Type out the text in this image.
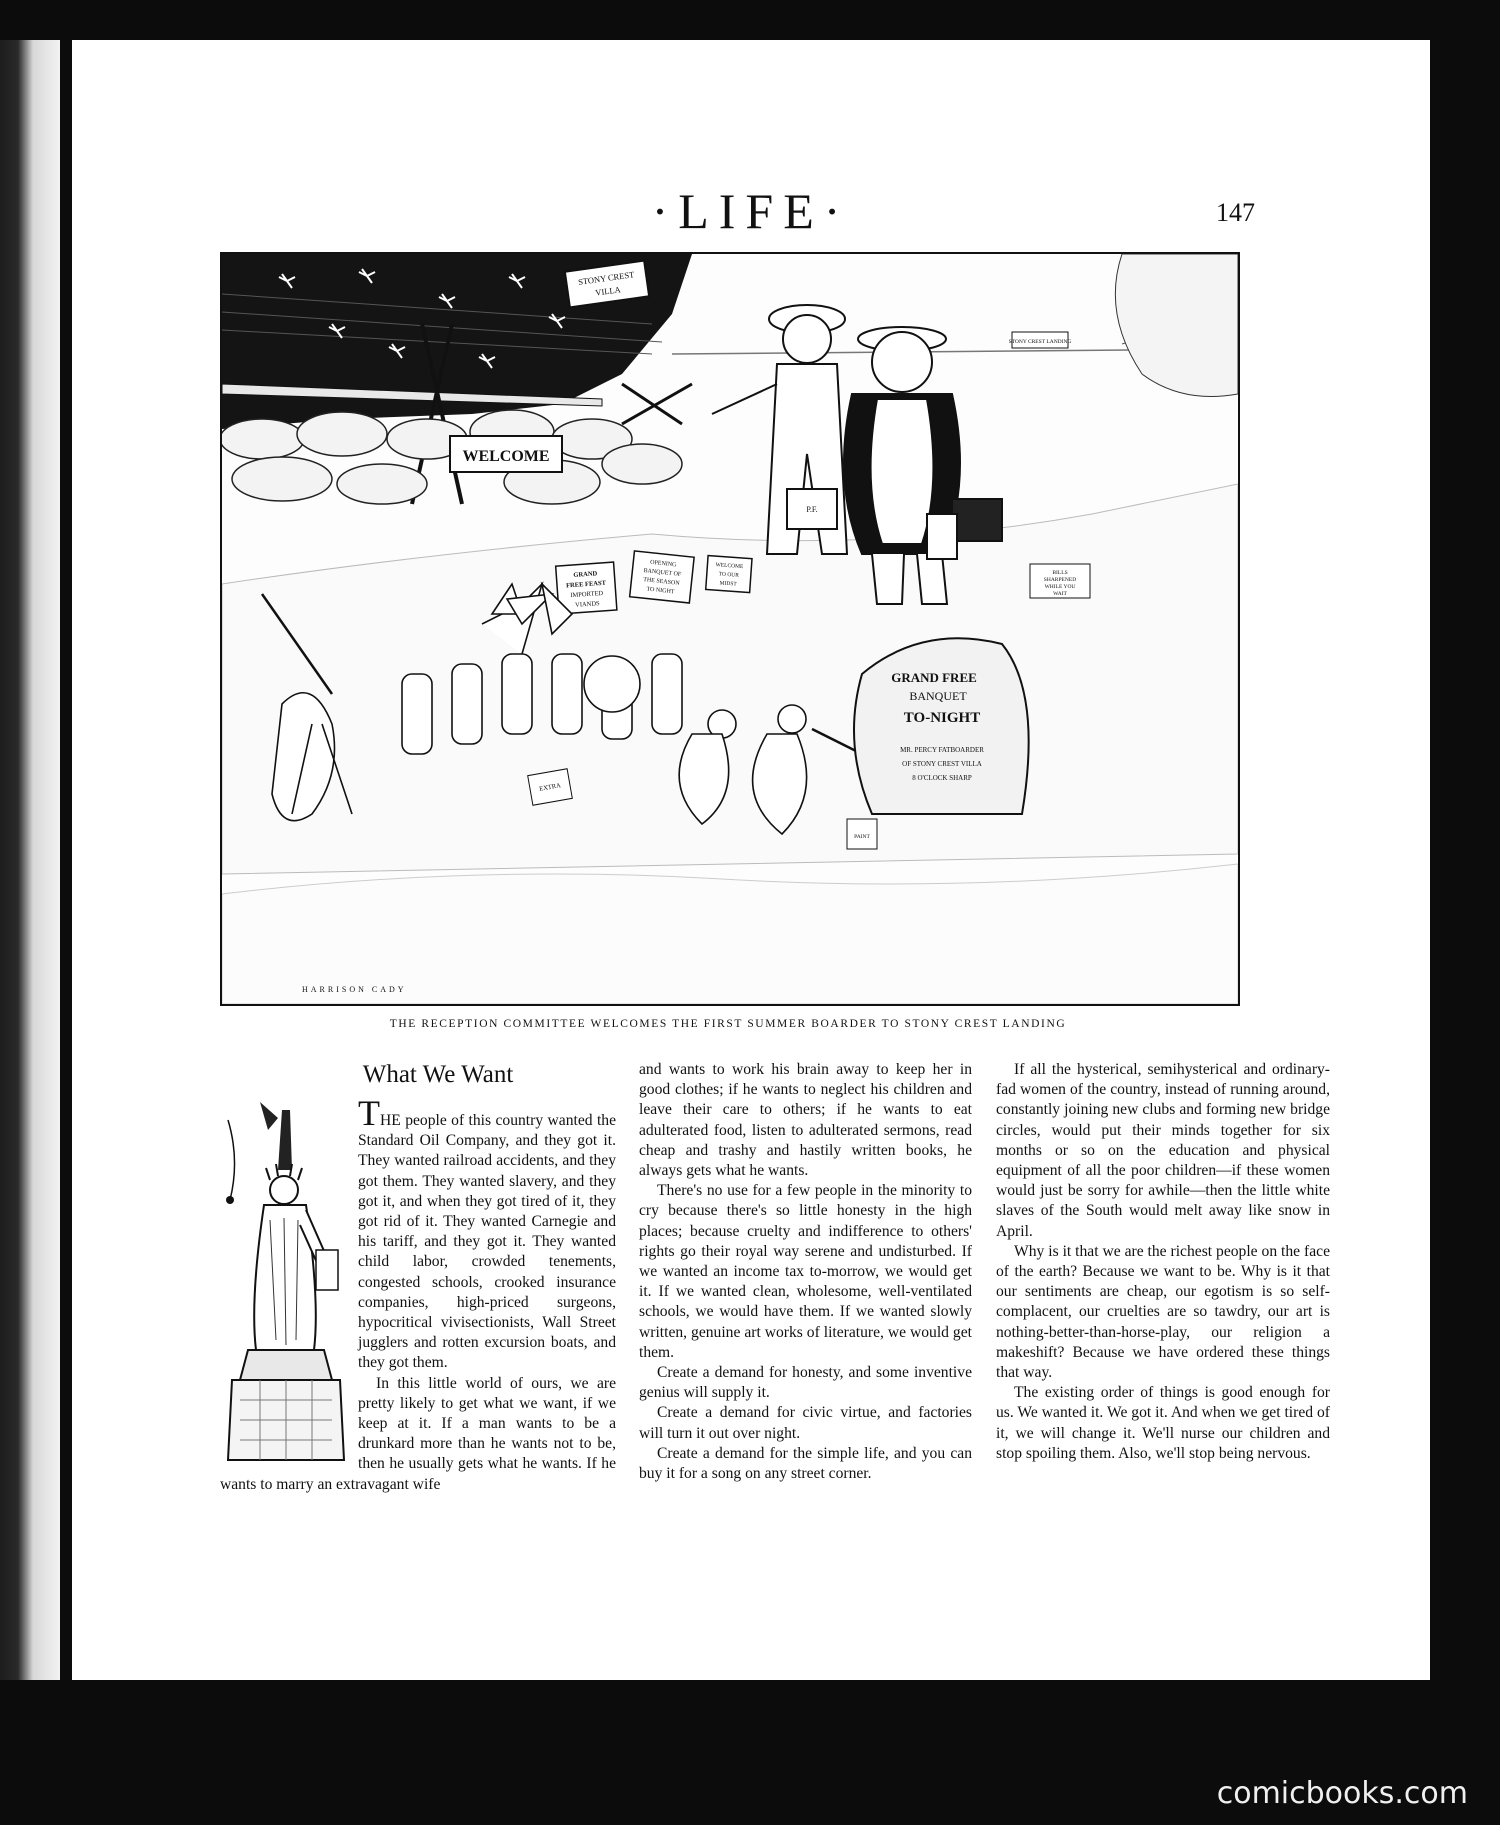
·LIFE·	147
WELCOME
STONY CREST
VILLA
STONY CREST LANDING
P.F.
BILLS
SHARPENED
WHILE YOU
WAIT
GRAND
FREE FEAST
IMPORTED
VIANDS
OPENING
BANQUET OF
THE SEASON
TO NIGHT
WELCOME
TO OUR
MIDST
EXTRA
PAINT
GRAND FREE
BANQUET
TO-NIGHT
MR. PERCY FATBOARDER
OF STONY CREST VILLA
8 O'CLOCK SHARP
HARRISON CADY
THE RECEPTION COMMITTEE WELCOMES THE FIRST SUMMER BOARDER TO STONY CREST LANDING
What We Want

THE people of this country wanted the Standard Oil Company, and they got it. They wanted railroad accidents, and they got them. They wanted slavery, and they got it, and when they got tired of it, they got rid of it. They wanted Carnegie and his tariff, and they got it. They wanted child labor, crowded tenements, congested schools, crooked insurance companies, high-priced surgeons, hypocritical vivisectionists, Wall Street jugglers and rotten excursion boats, and they got them.

In this little world of ours, we are pretty likely to get what we want, if we keep at it. If a man wants to be a drunkard more than he wants not to be, then he usually gets what he wants. If he wants to marry an extravagant wife

and wants to work his brain away to keep her in good clothes; if he wants to neglect his children and leave their care to others; if he wants to eat adulterated food, listen to adulterated sermons, read cheap and trashy and hastily written books, he always gets what he wants.

There's no use for a few people in the minority to cry because there's so little honesty in the high places; because cruelty and indifference to others' rights go their royal way serene and undisturbed. If we wanted an income tax to-morrow, we would get it. If we wanted clean, wholesome, well-ventilated schools, we would have them. If we wanted slowly written, genuine art works of literature, we would get them.

Create a demand for honesty, and some inventive genius will supply it.

Create a demand for civic virtue, and factories will turn it out over night.

Create a demand for the simple life, and you can buy it for a song on any street corner.

If all the hysterical, semihysterical and ordinary-fad women of the country, instead of running around, constantly joining new clubs and forming new bridge circles, would put their minds together for six months or so on the education and physical equipment of all the poor children—if these women would just be sorry for awhile—then the little white slaves of the South would melt away like snow in April.

Why is it that we are the richest people on the face of the earth? Because we want to be. Why is it that our sentiments are cheap, our egotism is so self-complacent, our cruelties are so tawdry, our art is nothing-better-than-horse-play, our religion a makeshift? Because we have ordered these things that way.

The existing order of things is good enough for us. We wanted it. We got it. And when we get tired of it, we will change it. We'll nurse our children and stop spoiling them. Also, we'll stop being nervous.

comicbooks.com
